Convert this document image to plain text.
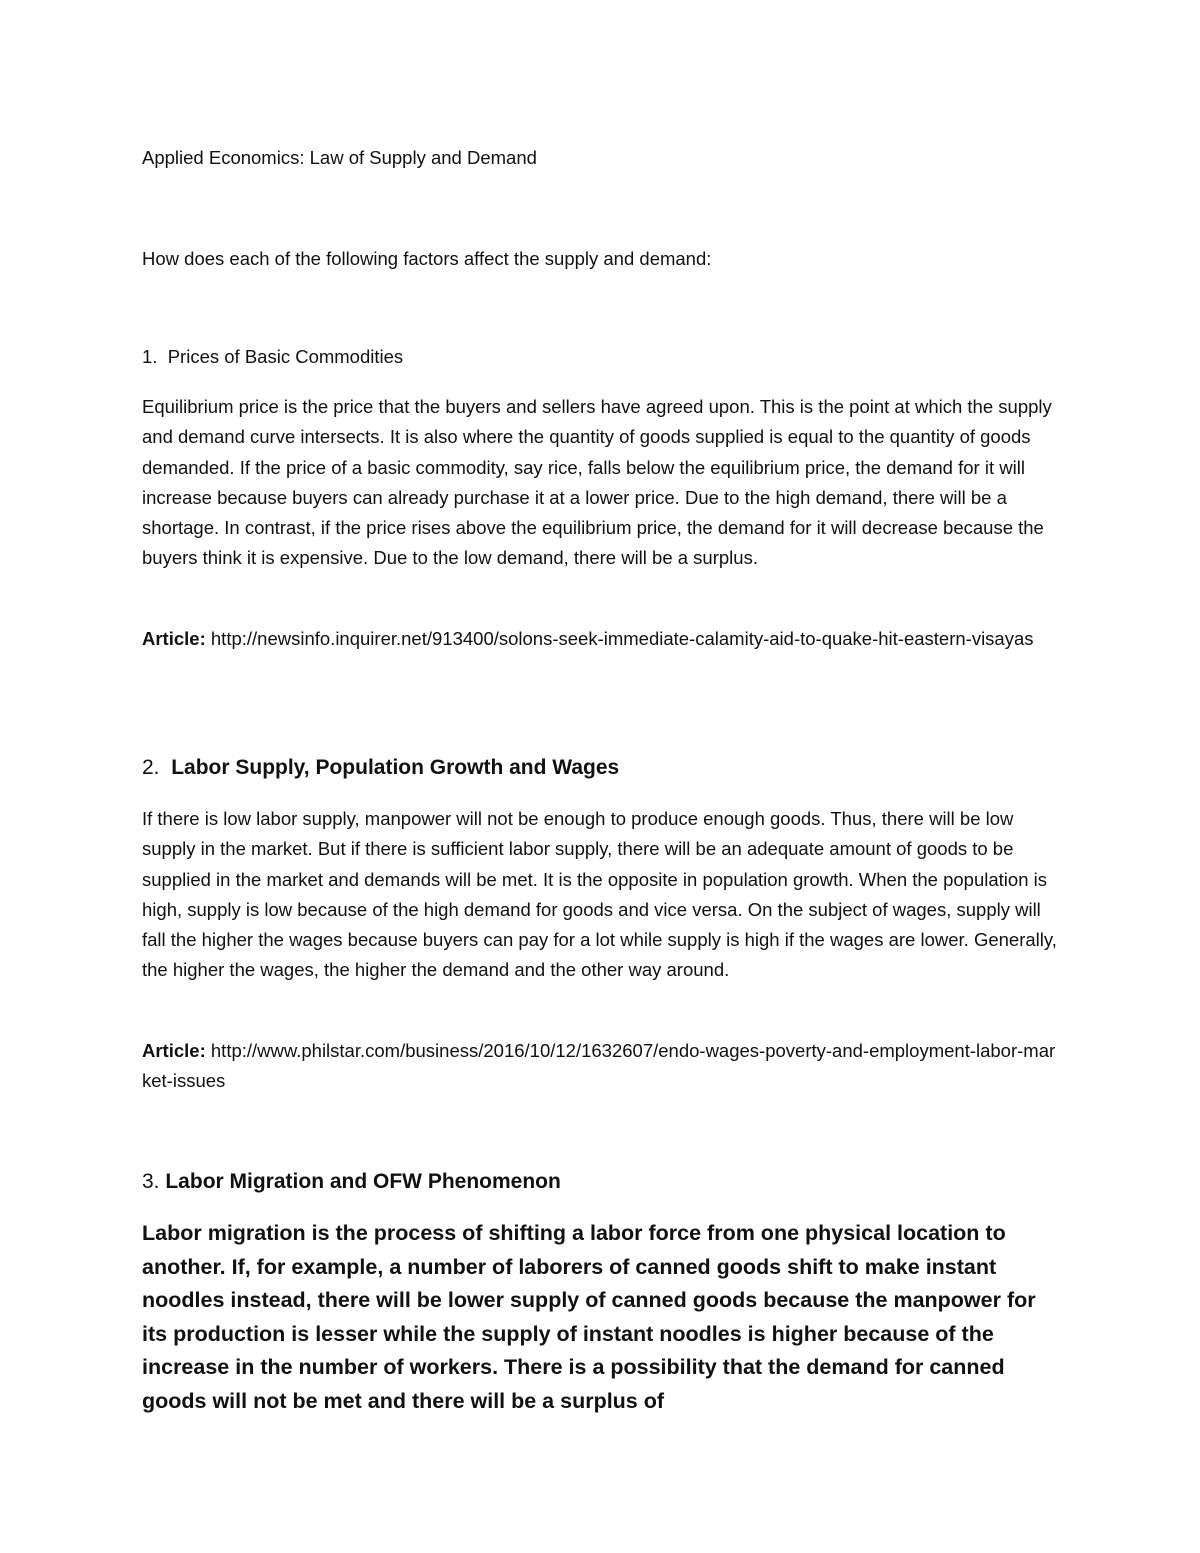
Applied Economics: Law of Supply and Demand

How does each of the following factors affect the supply and demand:

1. Prices of Basic Commodities

Equilibrium price is the price that the buyers and sellers have agreed upon. This is the point at which the supply and demand curve intersects. It is also where the quantity of goods supplied is equal to the quantity of goods demanded. If the price of a basic commodity, say rice, falls below the equilibrium price, the demand for it will increase because buyers can already purchase it at a lower price. Due to the high demand, there will be a shortage. In contrast, if the price rises above the equilibrium price, the demand for it will decrease because the buyers think it is expensive. Due to the low demand, there will be a surplus.

Article: http://newsinfo.inquirer.net/913400/solons-seek-immediate-calamity-aid-to-quake-hit-eastern-visayas

2. Labor Supply, Population Growth and Wages

If there is low labor supply, manpower will not be enough to produce enough goods. Thus, there will be low supply in the market. But if there is sufficient labor supply, there will be an adequate amount of goods to be supplied in the market and demands will be met. It is the opposite in population growth. When the population is high, supply is low because of the high demand for goods and vice versa. On the subject of wages, supply will fall the higher the wages because buyers can pay for a lot while supply is high if the wages are lower. Generally, the higher the wages, the higher the demand and the other way around.

Article: http://www.philstar.com/business/2016/10/12/1632607/endo-wages-poverty-and-employment-labor-market-issues

3. Labor Migration and OFW Phenomenon

Labor migration is the process of shifting a labor force from one physical location to another. If, for example, a number of laborers of canned goods shift to make instant noodles instead, there will be lower supply of canned goods because the manpower for its production is lesser while the supply of instant noodles is higher because of the increase in the number of workers. There is a possibility that the demand for canned goods will not be met and there will be a surplus of
